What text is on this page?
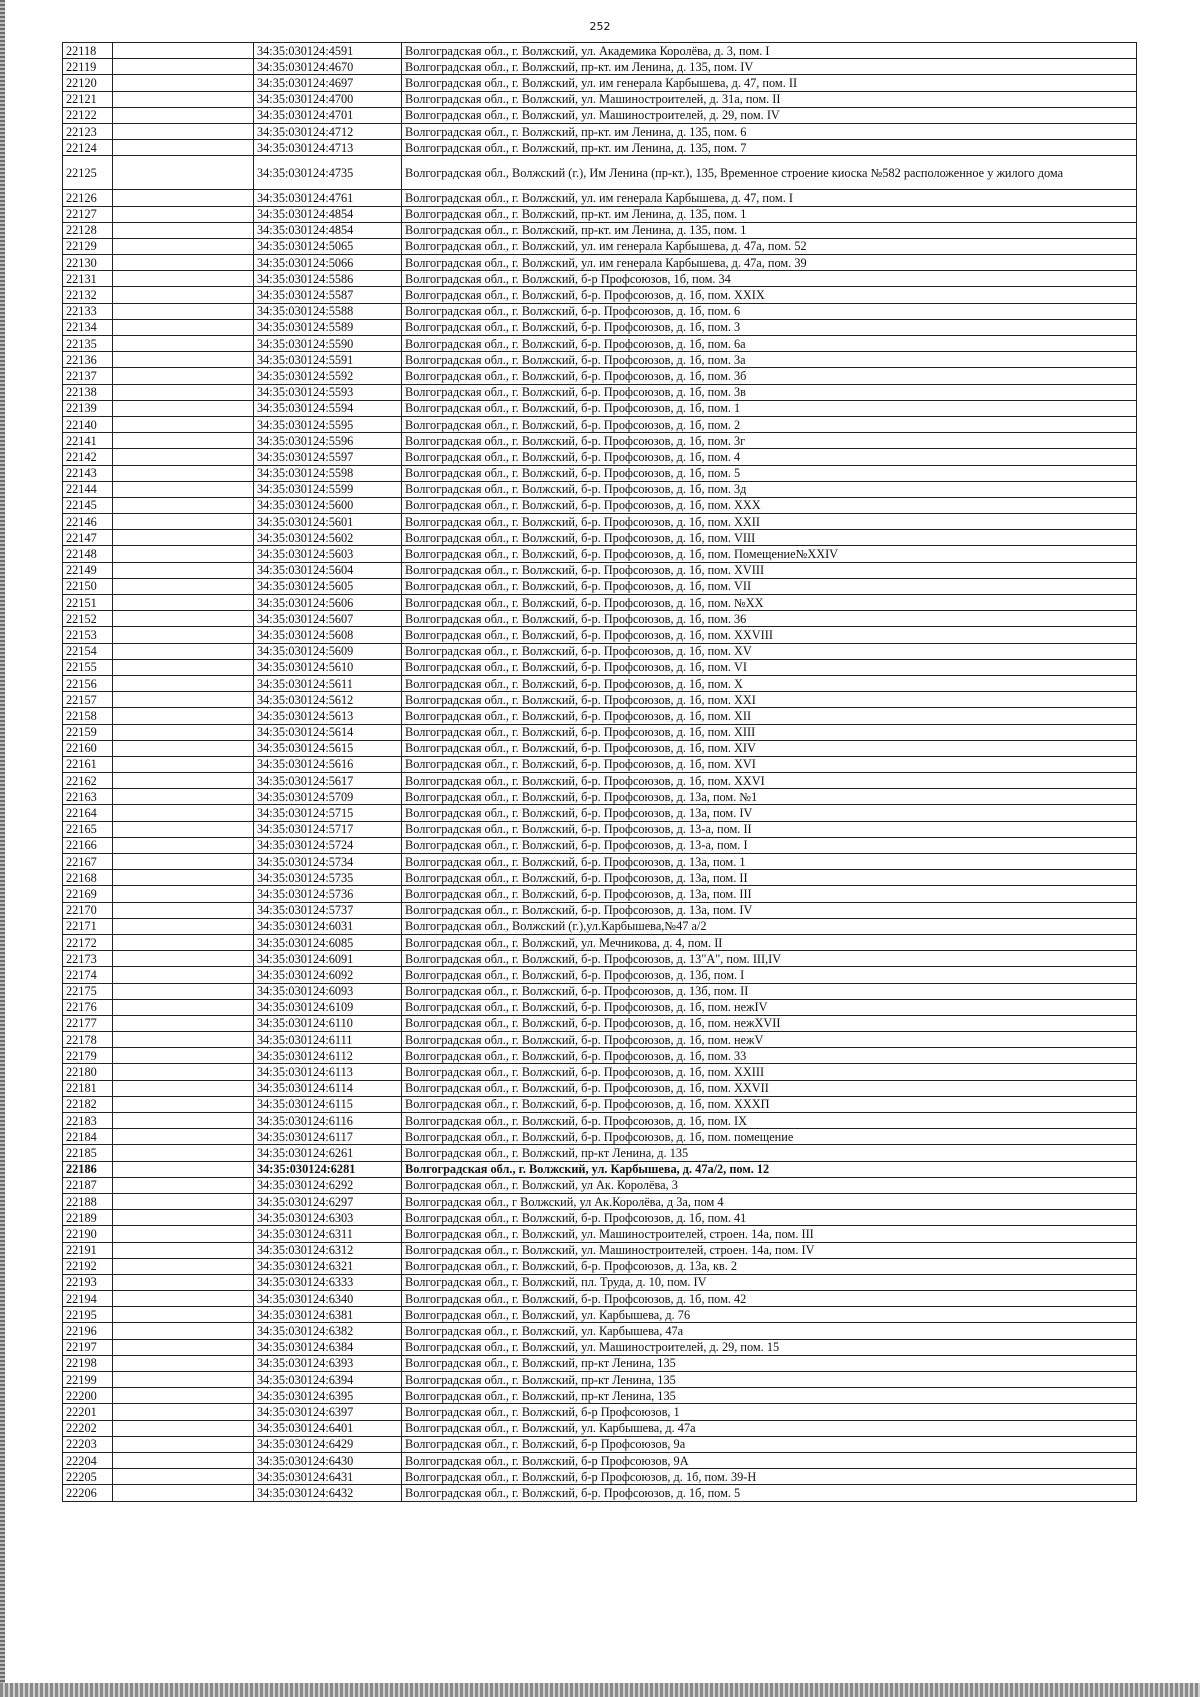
252
22118		34:35:030124:4591	Волгоградская обл., г. Волжский, ул. Академика Королёва, д. 3, пом. I
22119		34:35:030124:4670	Волгоградская обл., г. Волжский, пр-кт. им Ленина, д. 135, пом. IV
22120		34:35:030124:4697	Волгоградская обл., г. Волжский, ул. им генерала Карбышева, д. 47, пом. II
22121		34:35:030124:4700	Волгоградская обл., г. Волжский, ул. Машиностроителей, д. 31а, пом. II
22122		34:35:030124:4701	Волгоградская обл., г. Волжский, ул. Машиностроителей, д. 29, пом. IV
22123		34:35:030124:4712	Волгоградская обл., г. Волжский, пр-кт. им Ленина, д. 135, пом. 6
22124		34:35:030124:4713	Волгоградская обл., г. Волжский, пр-кт. им Ленина, д. 135, пом. 7
22125		34:35:030124:4735	Волгоградская обл., Волжский (г.), Им Ленина (пр-кт.), 135, Временное строение киоска №582 расположенное у жилого дома
22126		34:35:030124:4761	Волгоградская обл., г. Волжский, ул. им генерала Карбышева, д. 47, пом. I
22127		34:35:030124:4854	Волгоградская обл., г. Волжский, пр-кт. им Ленина, д. 135, пом. 1
22128		34:35:030124:4854	Волгоградская обл., г. Волжский, пр-кт. им Ленина, д. 135, пом. 1
22129		34:35:030124:5065	Волгоградская обл., г. Волжский, ул. им генерала Карбышева, д. 47а, пом. 52
22130		34:35:030124:5066	Волгоградская обл., г. Волжский, ул. им генерала Карбышева, д. 47а, пом. 39
22131		34:35:030124:5586	Волгоградская обл., г. Волжский, б-р Профсоюзов, 1б, пом. 34
22132		34:35:030124:5587	Волгоградская обл., г. Волжский, б-р. Профсоюзов, д. 1б, пом. XXIX
22133		34:35:030124:5588	Волгоградская обл., г. Волжский, б-р. Профсоюзов, д. 1б, пом. 6
22134		34:35:030124:5589	Волгоградская обл., г. Волжский, б-р. Профсоюзов, д. 1б, пом. 3
22135		34:35:030124:5590	Волгоградская обл., г. Волжский, б-р. Профсоюзов, д. 1б, пом. 6а
22136		34:35:030124:5591	Волгоградская обл., г. Волжский, б-р. Профсоюзов, д. 1б, пом. 3а
22137		34:35:030124:5592	Волгоградская обл., г. Волжский, б-р. Профсоюзов, д. 1б, пом. 3б
22138		34:35:030124:5593	Волгоградская обл., г. Волжский, б-р. Профсоюзов, д. 1б, пом. 3в
22139		34:35:030124:5594	Волгоградская обл., г. Волжский, б-р. Профсоюзов, д. 1б, пом. 1
22140		34:35:030124:5595	Волгоградская обл., г. Волжский, б-р. Профсоюзов, д. 1б, пом. 2
22141		34:35:030124:5596	Волгоградская обл., г. Волжский, б-р. Профсоюзов, д. 1б, пом. 3г
22142		34:35:030124:5597	Волгоградская обл., г. Волжский, б-р. Профсоюзов, д. 1б, пом. 4
22143		34:35:030124:5598	Волгоградская обл., г. Волжский, б-р. Профсоюзов, д. 1б, пом. 5
22144		34:35:030124:5599	Волгоградская обл., г. Волжский, б-р. Профсоюзов, д. 1б, пом. 3д
22145		34:35:030124:5600	Волгоградская обл., г. Волжский, б-р. Профсоюзов, д. 1б, пом. XXX
22146		34:35:030124:5601	Волгоградская обл., г. Волжский, б-р. Профсоюзов, д. 1б, пом. XXII
22147		34:35:030124:5602	Волгоградская обл., г. Волжский, б-р. Профсоюзов, д. 1б, пом. VIII
22148		34:35:030124:5603	Волгоградская обл., г. Волжский, б-р. Профсоюзов, д. 1б, пом. Помещение№XXIV
22149		34:35:030124:5604	Волгоградская обл., г. Волжский, б-р. Профсоюзов, д. 1б, пом. XVIII
22150		34:35:030124:5605	Волгоградская обл., г. Волжский, б-р. Профсоюзов, д. 1б, пом. VII
22151		34:35:030124:5606	Волгоградская обл., г. Волжский, б-р. Профсоюзов, д. 1б, пом. №XX
22152		34:35:030124:5607	Волгоградская обл., г. Волжский, б-р. Профсоюзов, д. 1б, пом. 36
22153		34:35:030124:5608	Волгоградская обл., г. Волжский, б-р. Профсоюзов, д. 1б, пом. XXVIII
22154		34:35:030124:5609	Волгоградская обл., г. Волжский, б-р. Профсоюзов, д. 1б, пом. XV
22155		34:35:030124:5610	Волгоградская обл., г. Волжский, б-р. Профсоюзов, д. 1б, пом. VI
22156		34:35:030124:5611	Волгоградская обл., г. Волжский, б-р. Профсоюзов, д. 1б, пом. X
22157		34:35:030124:5612	Волгоградская обл., г. Волжский, б-р. Профсоюзов, д. 1б, пом. XXI
22158		34:35:030124:5613	Волгоградская обл., г. Волжский, б-р. Профсоюзов, д. 1б, пом. XII
22159		34:35:030124:5614	Волгоградская обл., г. Волжский, б-р. Профсоюзов, д. 1б, пом. XIII
22160		34:35:030124:5615	Волгоградская обл., г. Волжский, б-р. Профсоюзов, д. 1б, пом. XIV
22161		34:35:030124:5616	Волгоградская обл., г. Волжский, б-р. Профсоюзов, д. 1б, пом. XVI
22162		34:35:030124:5617	Волгоградская обл., г. Волжский, б-р. Профсоюзов, д. 1б, пом. XXVI
22163		34:35:030124:5709	Волгоградская обл., г. Волжский, б-р. Профсоюзов, д. 13а, пом. №1
22164		34:35:030124:5715	Волгоградская обл., г. Волжский, б-р. Профсоюзов, д. 13а, пом. IV
22165		34:35:030124:5717	Волгоградская обл., г. Волжский, б-р. Профсоюзов, д. 13-а, пом. II
22166		34:35:030124:5724	Волгоградская обл., г. Волжский, б-р. Профсоюзов, д. 13-а, пом. I
22167		34:35:030124:5734	Волгоградская обл., г. Волжский, б-р. Профсоюзов, д. 13а, пом. 1
22168		34:35:030124:5735	Волгоградская обл., г. Волжский, б-р. Профсоюзов, д. 13а, пом. II
22169		34:35:030124:5736	Волгоградская обл., г. Волжский, б-р. Профсоюзов, д. 13а, пом. III
22170		34:35:030124:5737	Волгоградская обл., г. Волжский, б-р. Профсоюзов, д. 13а, пом. IV
22171		34:35:030124:6031	Волгоградская обл., Волжский (г.),ул.Карбышева,№47 а/2
22172		34:35:030124:6085	Волгоградская обл., г. Волжский, ул. Мечникова, д. 4, пом. II
22173		34:35:030124:6091	Волгоградская обл., г. Волжский, б-р. Профсоюзов, д. 13"А", пом. III,IV
22174		34:35:030124:6092	Волгоградская обл., г. Волжский, б-р. Профсоюзов, д. 13б, пом. I
22175		34:35:030124:6093	Волгоградская обл., г. Волжский, б-р. Профсоюзов, д. 13б, пом. II
22176		34:35:030124:6109	Волгоградская обл., г. Волжский, б-р. Профсоюзов, д. 1б, пом. нежIV
22177		34:35:030124:6110	Волгоградская обл., г. Волжский, б-р. Профсоюзов, д. 1б, пом. нежXVII
22178		34:35:030124:6111	Волгоградская обл., г. Волжский, б-р. Профсоюзов, д. 1б, пом. нежV
22179		34:35:030124:6112	Волгоградская обл., г. Волжский, б-р. Профсоюзов, д. 1б, пом. 33
22180		34:35:030124:6113	Волгоградская обл., г. Волжский, б-р. Профсоюзов, д. 1б, пом. XXIII
22181		34:35:030124:6114	Волгоградская обл., г. Волжский, б-р. Профсоюзов, д. 1б, пом. XXVII
22182		34:35:030124:6115	Волгоградская обл., г. Волжский, б-р. Профсоюзов, д. 1б, пом. XXXП
22183		34:35:030124:6116	Волгоградская обл., г. Волжский, б-р. Профсоюзов, д. 1б, пом. IX
22184		34:35:030124:6117	Волгоградская обл., г. Волжский, б-р. Профсоюзов, д. 1б, пом. помещение
22185		34:35:030124:6261	Волгоградская обл., г. Волжский, пр-кт Ленина, д. 135
22186		34:35:030124:6281	Волгоградская обл., г. Волжский, ул. Карбышева, д. 47а/2, пом. 12
22187		34:35:030124:6292	Волгоградская обл., г. Волжский, ул Ак. Королёва, 3
22188		34:35:030124:6297	Волгоградская обл., г Волжский, ул Ак.Королёва, д 3а, пом 4
22189		34:35:030124:6303	Волгоградская обл., г. Волжский, б-р. Профсоюзов, д. 1б, пом. 41
22190		34:35:030124:6311	Волгоградская обл., г. Волжский, ул. Машиностроителей, строен. 14а, пом. III
22191		34:35:030124:6312	Волгоградская обл., г. Волжский, ул. Машиностроителей, строен. 14а, пом. IV
22192		34:35:030124:6321	Волгоградская обл., г. Волжский, б-р. Профсоюзов, д. 13а, кв. 2
22193		34:35:030124:6333	Волгоградская обл., г. Волжский, пл. Труда, д. 10, пом. IV
22194		34:35:030124:6340	Волгоградская обл., г. Волжский, б-р. Профсоюзов, д. 1б, пом. 42
22195		34:35:030124:6381	Волгоградская обл., г. Волжский, ул. Карбышева, д. 76
22196		34:35:030124:6382	Волгоградская обл., г. Волжский, ул. Карбышева, 47а
22197		34:35:030124:6384	Волгоградская обл., г. Волжский, ул. Машиностроителей, д. 29, пом. 15
22198		34:35:030124:6393	Волгоградская обл., г. Волжский, пр-кт Ленина, 135
22199		34:35:030124:6394	Волгоградская обл., г. Волжский, пр-кт Ленина, 135
22200		34:35:030124:6395	Волгоградская обл., г. Волжский, пр-кт Ленина, 135
22201		34:35:030124:6397	Волгоградская обл., г. Волжский, б-р Профсоюзов, 1
22202		34:35:030124:6401	Волгоградская обл., г. Волжский, ул. Карбышева, д. 47а
22203		34:35:030124:6429	Волгоградская обл., г. Волжский, б-р Профсоюзов, 9а
22204		34:35:030124:6430	Волгоградская обл., г. Волжский, б-р Профсоюзов, 9А
22205		34:35:030124:6431	Волгоградская обл., г. Волжский, б-р Профсоюзов, д. 1б, пом. 39-Н
22206		34:35:030124:6432	Волгоградская обл., г. Волжский, б-р. Профсоюзов, д. 1б, пом. 5
